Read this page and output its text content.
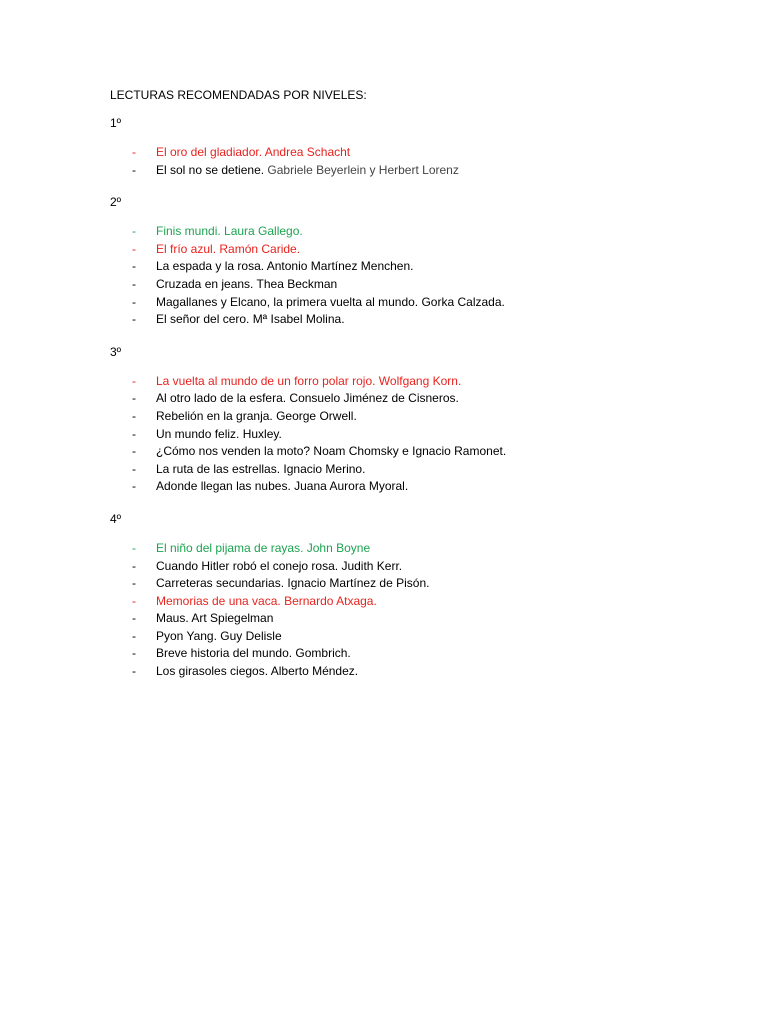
LECTURAS RECOMENDADAS POR NIVELES:
1º
- El oro del gladiador. Andrea Schacht
- El sol no se detiene. Gabriele Beyerlein y Herbert Lorenz
2º
- Finis mundi. Laura Gallego.
- El frío azul. Ramón Caride.
- La espada y la rosa. Antonio Martínez Menchen.
- Cruzada en jeans. Thea Beckman
- Magallanes y Elcano, la primera vuelta al mundo. Gorka Calzada.
- El señor del cero. Mª Isabel Molina.
3º
- La vuelta al mundo de un forro polar rojo. Wolfgang Korn.
- Al otro lado de la esfera. Consuelo Jiménez de Cisneros.
- Rebelión en la granja. George Orwell.
- Un mundo feliz. Huxley.
- ¿Cómo nos venden la moto? Noam Chomsky e Ignacio Ramonet.
- La ruta de las estrellas. Ignacio Merino.
- Adonde llegan las nubes. Juana Aurora Myoral.
4º
- El niño del pijama de rayas. John Boyne
- Cuando Hitler robó el conejo rosa. Judith Kerr.
- Carreteras secundarias. Ignacio Martínez de Pisón.
- Memorias de una vaca. Bernardo Atxaga.
- Maus. Art Spiegelman
- Pyon Yang. Guy Delisle
- Breve historia del mundo. Gombrich.
- Los girasoles ciegos. Alberto Méndez.
